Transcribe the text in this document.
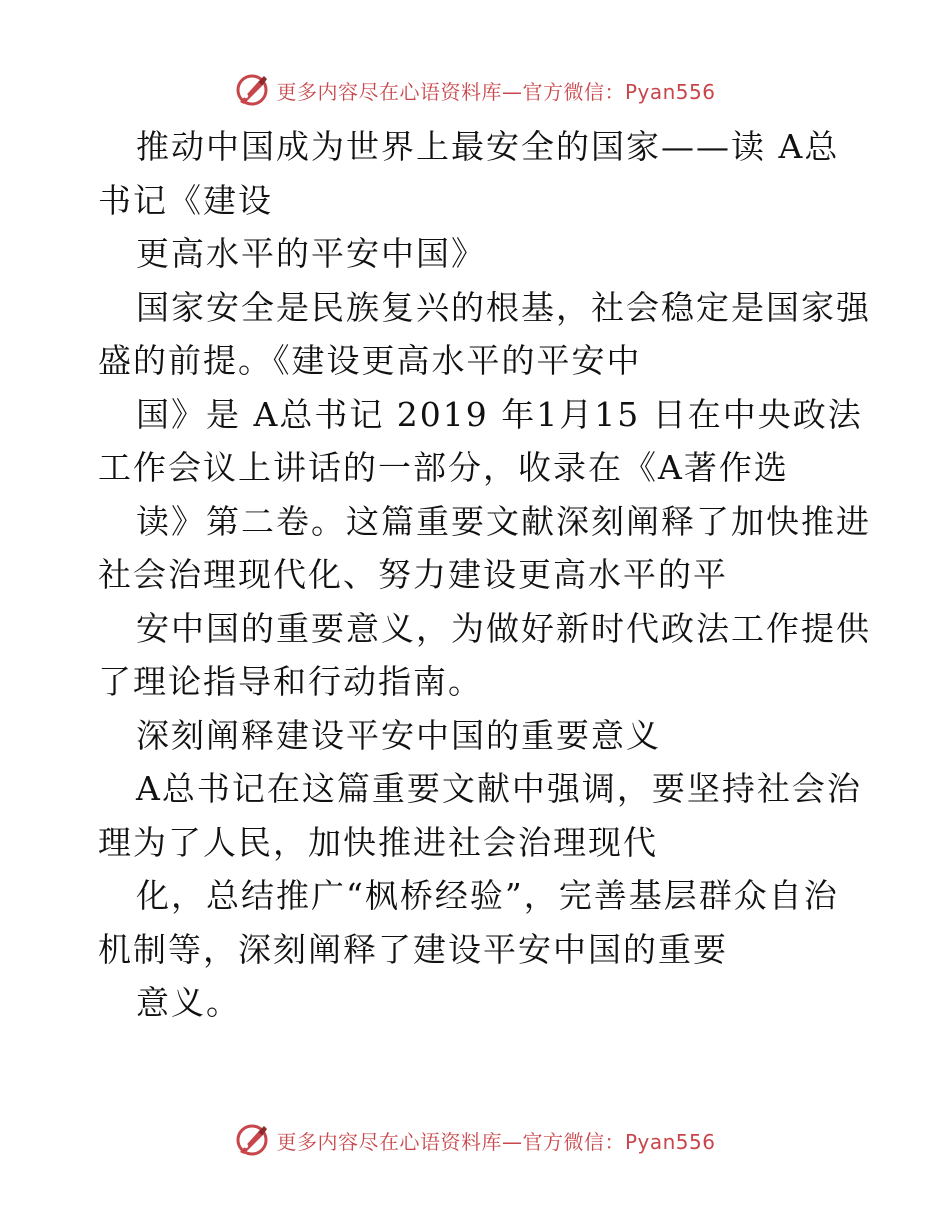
更多内容尽在心语资料库—官方微信：Pyan556

推动中国成为世界上最安全的国家——读 A总

书记《建设

更高水平的平安中国》

国家安全是民族复兴的根基，社会稳定是国家强

盛的前提。《建设更高水平的平安中

国》是 A总书记 2019 年1月15 日在中央政法

工作会议上讲话的一部分，收录在《A著作选

读》第二卷。这篇重要文献深刻阐释了加快推进

社会治理现代化、努力建设更高水平的平

安中国的重要意义，为做好新时代政法工作提供

了理论指导和行动指南。

深刻阐释建设平安中国的重要意义

A总书记在这篇重要文献中强调，要坚持社会治

理为了人民，加快推进社会治理现代

化，总结推广“枫桥经验”，完善基层群众自治

机制等，深刻阐释了建设平安中国的重要

意义。

更多内容尽在心语资料库—官方微信：Pyan556
